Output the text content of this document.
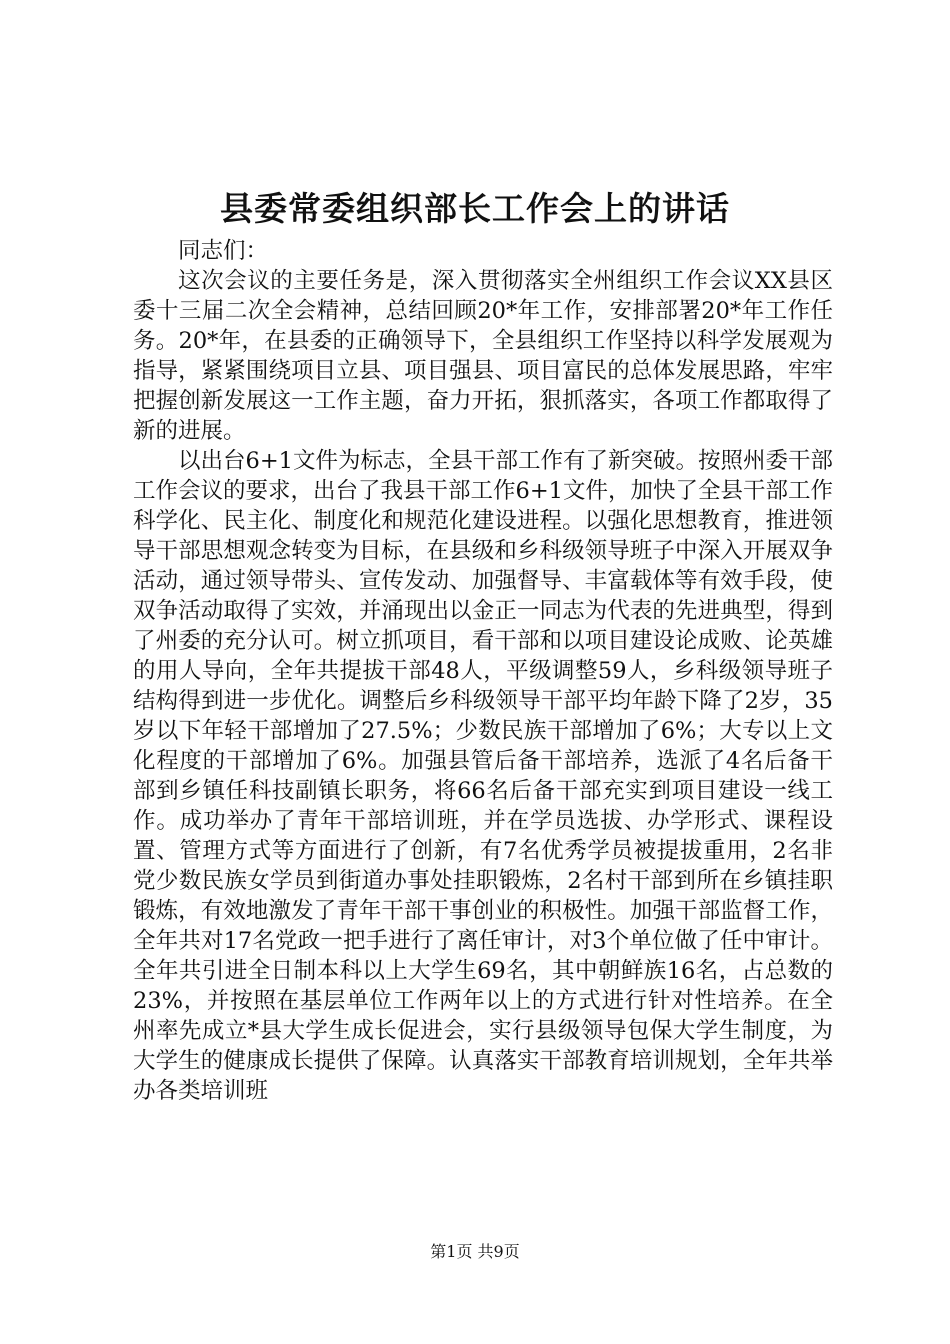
县委常委组织部长工作会上的讲话

同志们：

这次会议的主要任务是，深入贯彻落实全州组织工作会议XX县区委十三届二次全会精神，总结回顾20*年工作，安排部署20*年工作任务。20*年，在县委的正确领导下，全县组织工作坚持以科学发展观为指导，紧紧围绕项目立县、项目强县、项目富民的总体发展思路，牢牢把握创新发展这一工作主题，奋力开拓，狠抓落实，各项工作都取得了新的进展。

以出台6+1文件为标志，全县干部工作有了新突破。按照州委干部工作会议的要求，出台了我县干部工作6+1文件，加快了全县干部工作科学化、民主化、制度化和规范化建设进程。以强化思想教育，推进领导干部思想观念转变为目标，在县级和乡科级领导班子中深入开展双争活动，通过领导带头、宣传发动、加强督导、丰富载体等有效手段，使双争活动取得了实效，并涌现出以金正一同志为代表的先进典型，得到了州委的充分认可。树立抓项目，看干部和以项目建设论成败、论英雄的用人导向，全年共提拔干部48人，平级调整59人，乡科级领导班子结构得到进一步优化。调整后乡科级领导干部平均年龄下降了2岁，35岁以下年轻干部增加了27.5%；少数民族干部增加了6%；大专以上文化程度的干部增加了6%。加强县管后备干部培养，选派了4名后备干部到乡镇任科技副镇长职务，将66名后备干部充实到项目建设一线工作。成功举办了青年干部培训班，并在学员选拔、办学形式、课程设置、管理方式等方面进行了创新，有7名优秀学员被提拔重用，2名非党少数民族女学员到街道办事处挂职锻炼，2名村干部到所在乡镇挂职锻炼，有效地激发了青年干部干事创业的积极性。加强干部监督工作，全年共对17名党政一把手进行了离任审计，对3个单位做了任中审计。全年共引进全日制本科以上大学生69名，其中朝鲜族16名，占总数的23%，并按照在基层单位工作两年以上的方式进行针对性培养。在全州率先成立*县大学生成长促进会，实行县级领导包保大学生制度，为大学生的健康成长提供了保障。认真落实干部教育培训规划，全年共举办各类培训班

第1页 共9页
